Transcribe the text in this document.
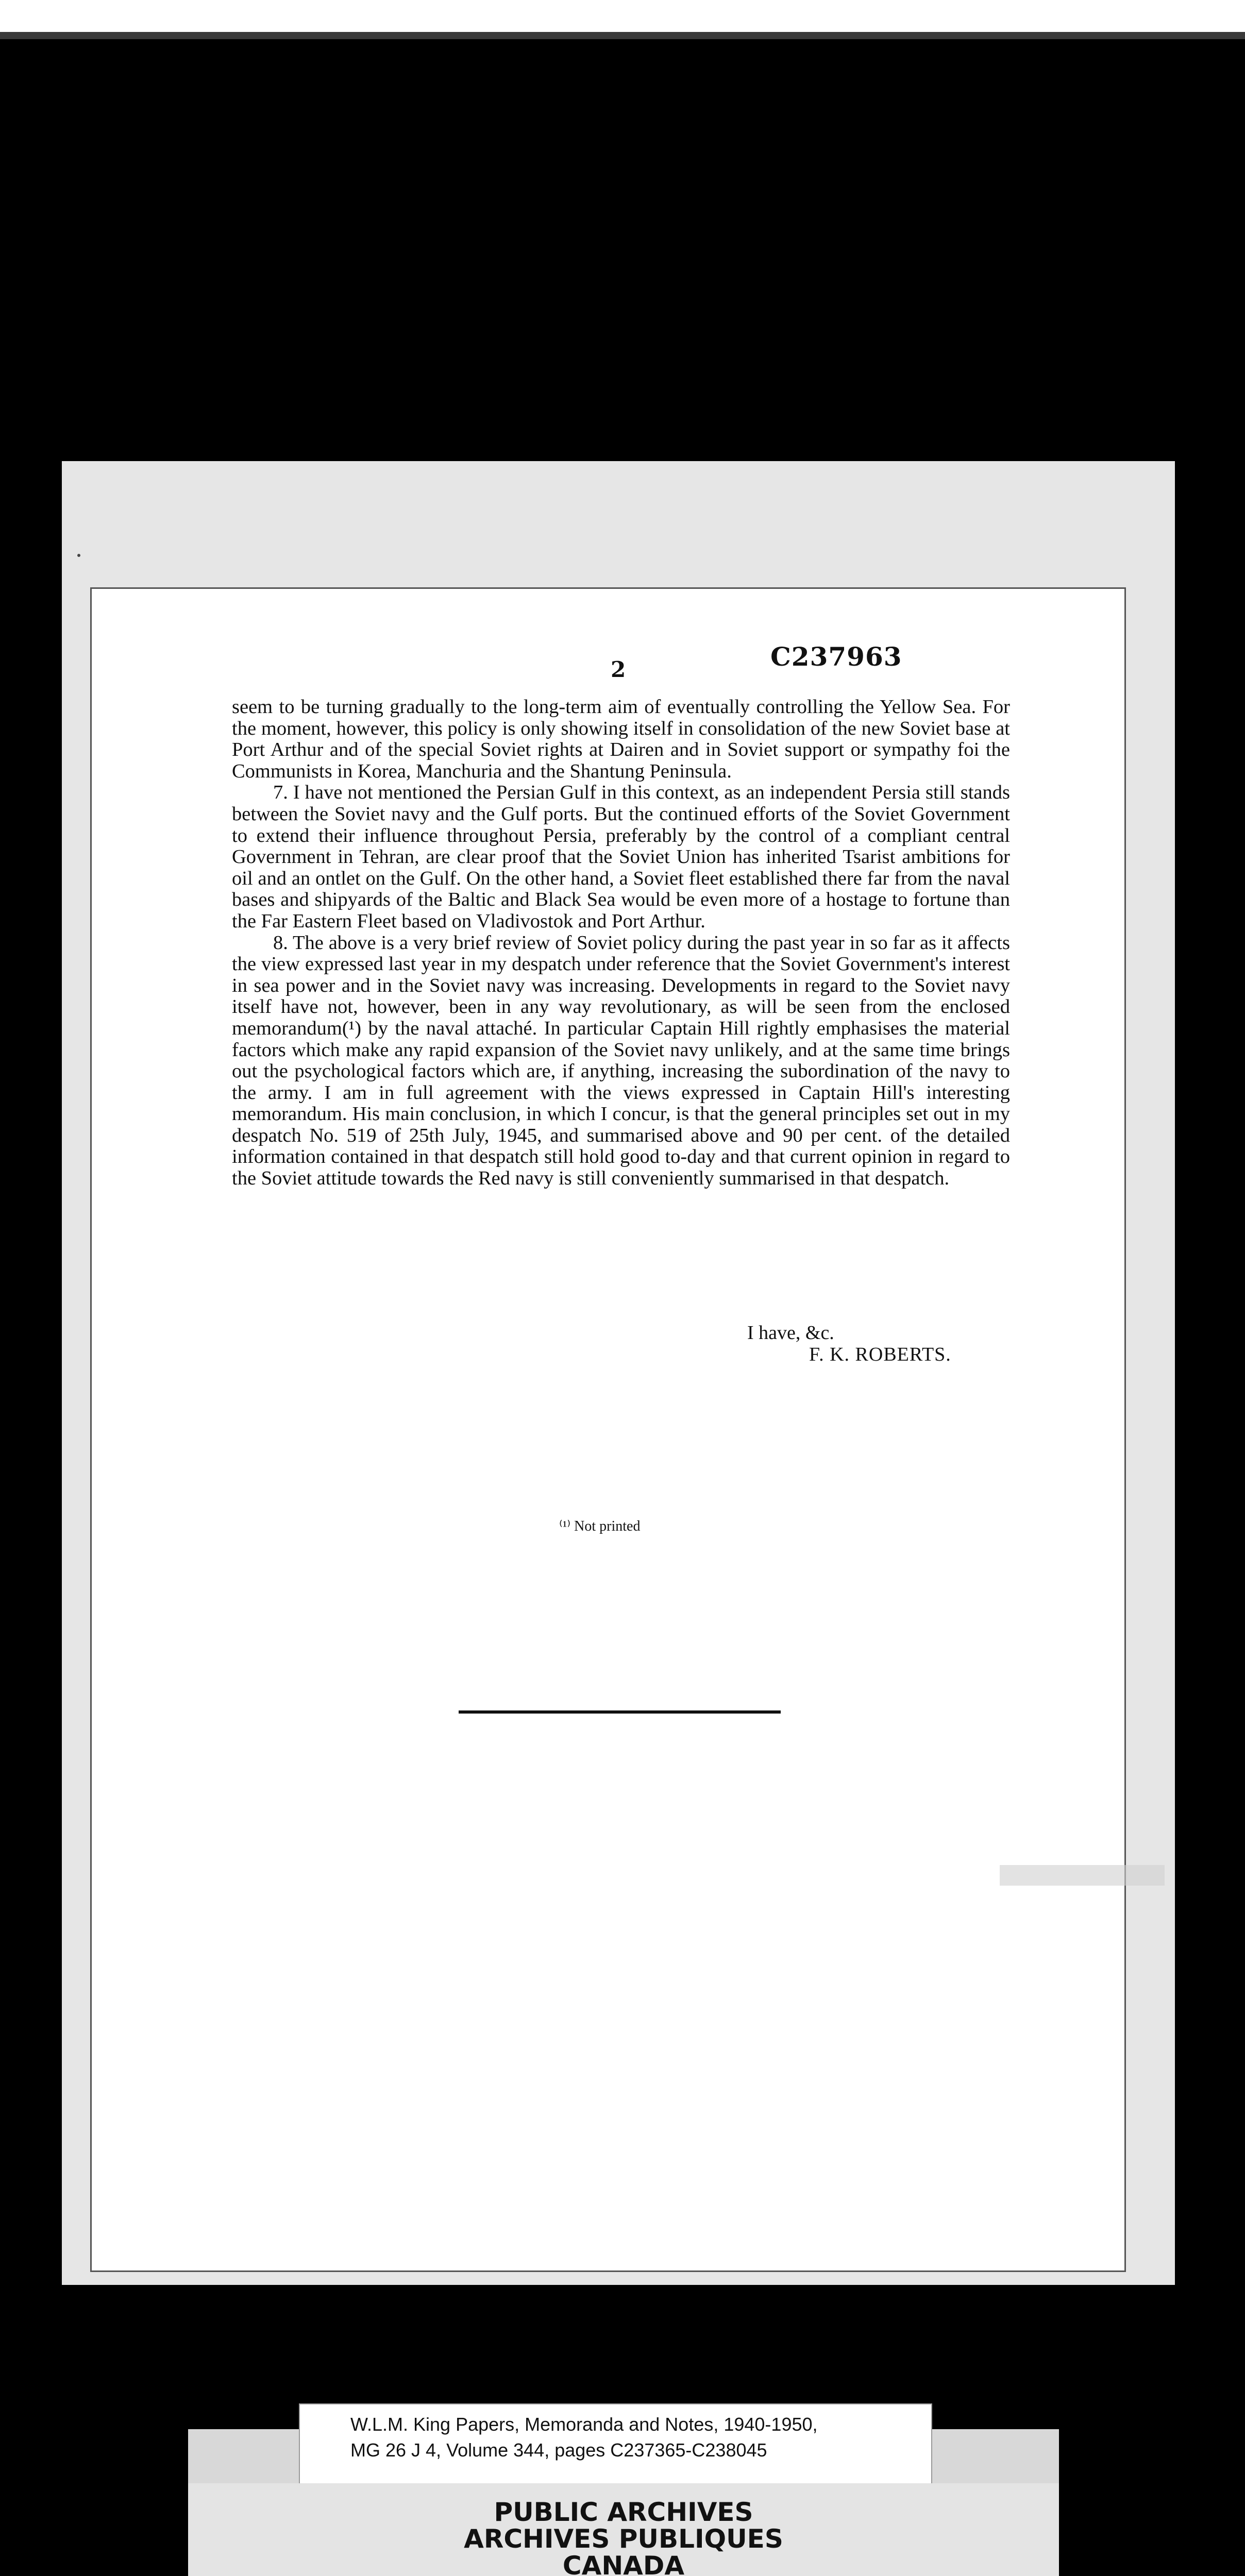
2	C237963

seem to be turning gradually to the long-term aim of eventually controlling the Yellow Sea. For the moment, however, this policy is only showing itself in consolidation of the new Soviet base at Port Arthur and of the special Soviet rights at Dairen and in Soviet support or sympathy foi the Communists in Korea, Manchuria and the Shantung Peninsula.

7. I have not mentioned the Persian Gulf in this context, as an independent Persia still stands between the Soviet navy and the Gulf ports. But the continued efforts of the Soviet Government to extend their influence throughout Persia, preferably by the control of a compliant central Government in Tehran, are clear proof that the Soviet Union has inherited Tsarist ambitions for oil and an ontlet on the Gulf. On the other hand, a Soviet fleet established there far from the naval bases and shipyards of the Baltic and Black Sea would be even more of a hostage to fortune than the Far Eastern Fleet based on Vladivostok and Port Arthur.

8. The above is a very brief review of Soviet policy during the past year in so far as it affects the view expressed last year in my despatch under reference that the Soviet Government's interest in sea power and in the Soviet navy was increasing. Developments in regard to the Soviet navy itself have not, however, been in any way revolutionary, as will be seen from the enclosed memorandum(¹) by the naval attaché. In particular Captain Hill rightly emphasises the material factors which make any rapid expansion of the Soviet navy unlikely, and at the same time brings out the psychological factors which are, if anything, increasing the subordination of the navy to the army. I am in full agreement with the views expressed in Captain Hill's interesting memorandum. His main conclusion, in which I concur, is that the general principles set out in my despatch No. 519 of 25th July, 1945, and summarised above and 90 per cent. of the detailed information contained in that despatch still hold good to-day and that current opinion in regard to the Soviet attitude towards the Red navy is still conveniently summarised in that despatch.

I have, &c.
F. K. ROBERTS.
⁽¹⁾ Not printed
W.L.M. King Papers, Memoranda and Notes, 1940-1950,
MG 26 J 4, Volume 344, pages C237365-C238045
PUBLIC ARCHIVES
ARCHIVES PUBLIQUES
CANADA
